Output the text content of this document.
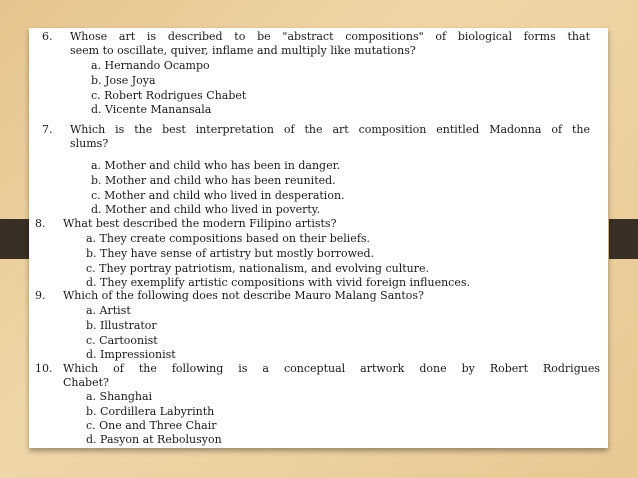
6. Whose art is described to be "abstract compositions" of biological forms that
seem to oscillate, quiver, inflame and multiply like mutations?
a. Hernando Ocampo
b. Jose Joya
c. Robert Rodrigues Chabet
d. Vicente Manansala
7. Which is the best interpretation of the art composition entitled Madonna of the
slums?
a. Mother and child who has been in danger.
b. Mother and child who has been reunited.
c. Mother and child who lived in desperation.
d. Mother and child who lived in poverty.
8. What best described the modern Filipino artists?
a. They create compositions based on their beliefs.
b. They have sense of artistry but mostly borrowed.
c. They portray patriotism, nationalism, and evolving culture.
d. They exemplify artistic compositions with vivid foreign influences.
9. Which of the following does not describe Mauro Malang Santos?
a. Artist
b. Illustrator
c. Cartoonist
d. Impressionist
10. Which of the following is a conceptual artwork done by Robert Rodrigues
Chabet?
a. Shanghai
b. Cordillera Labyrinth
c. One and Three Chair
d. Pasyon at Rebolusyon
